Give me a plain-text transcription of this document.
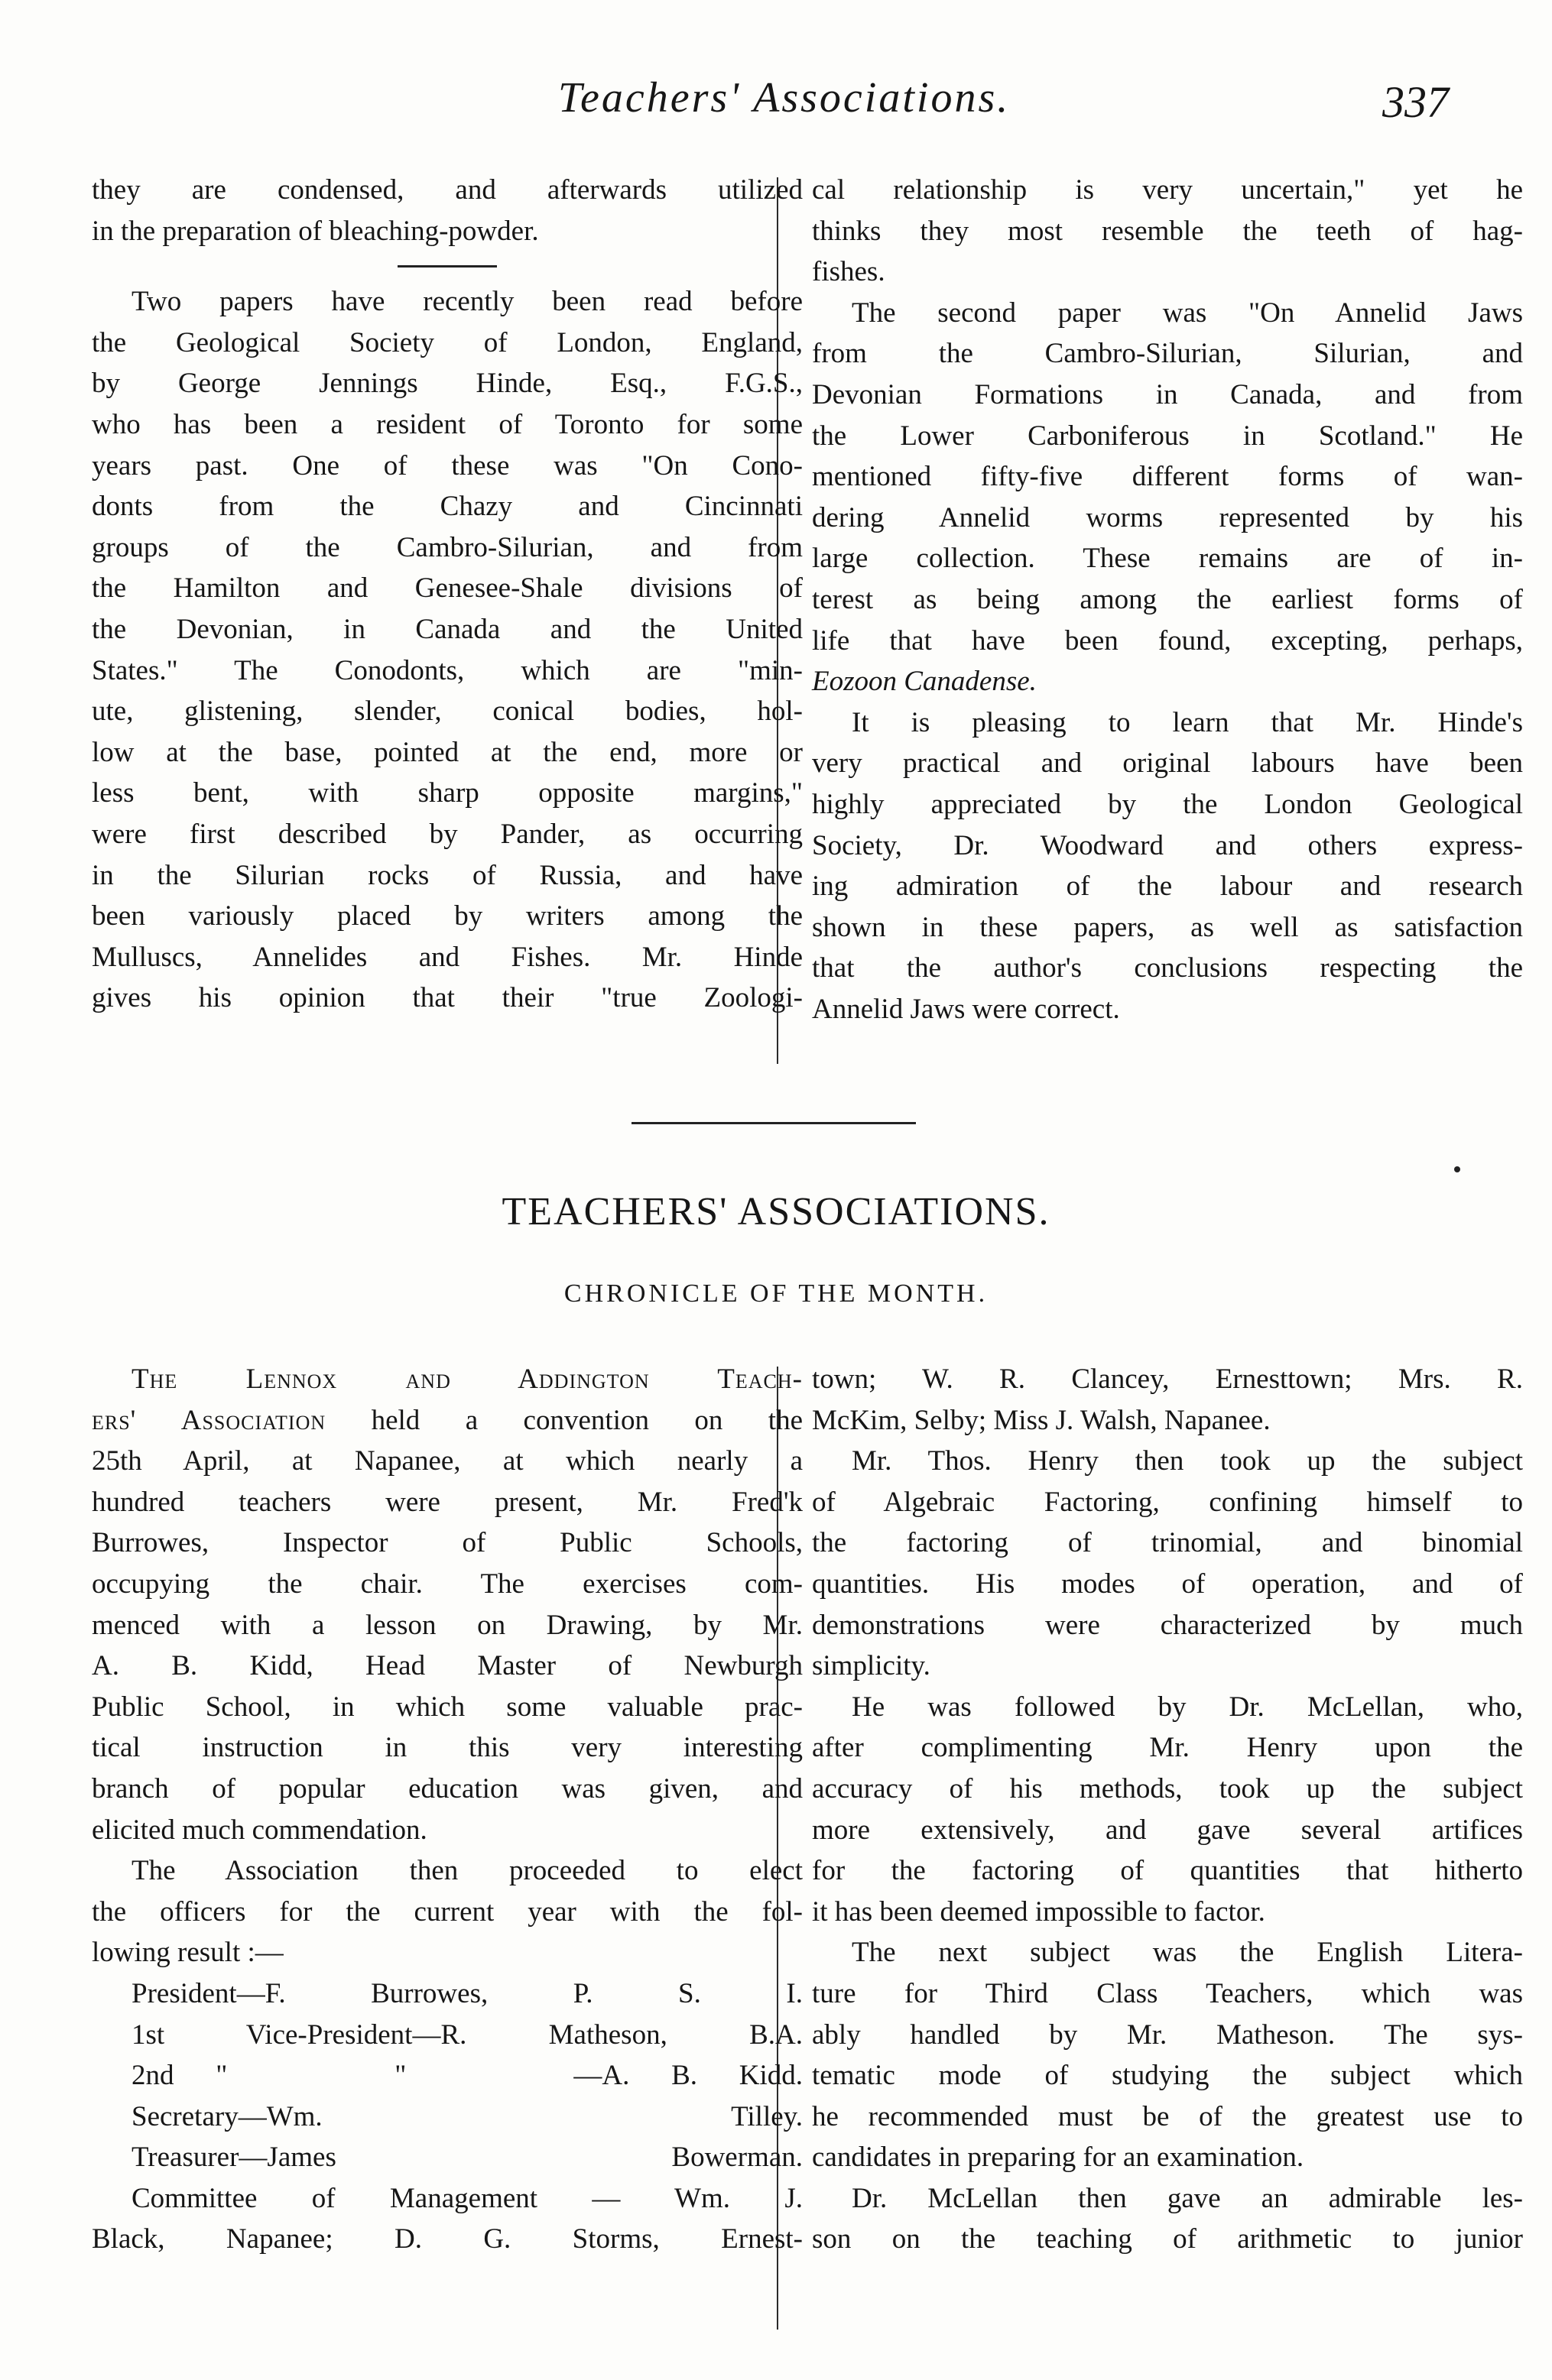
Teachers' Associations.	337

they are condensed, and afterwards utilized
in the preparation of bleaching-powder.

Two papers have recently been read before
the Geological Society of London, England,
by George Jennings Hinde, Esq., F.G.S.,
who has been a resident of Toronto for some
years past. One of these was "On Cono-
donts from the Chazy and Cincinnati
groups of the Cambro-Silurian, and from
the Hamilton and Genesee-Shale divisions of
the Devonian, in Canada and the United
States." The Conodonts, which are "min-
ute, glistening, slender, conical bodies, hol-
low at the base, pointed at the end, more or
less bent, with sharp opposite margins,"
were first described by Pander, as occurring
in the Silurian rocks of Russia, and have
been variously placed by writers among the
Mulluscs, Annelides and Fishes. Mr. Hinde
gives his opinion that their "true Zoologi-

cal relationship is very uncertain," yet he
thinks they most resemble the teeth of hag-
fishes.

The second paper was "On Annelid Jaws
from the Cambro-Silurian, Silurian, and
Devonian Formations in Canada, and from
the Lower Carboniferous in Scotland." He
mentioned fifty-five different forms of wan-
dering Annelid worms represented by his
large collection. These remains are of in-
terest as being among the earliest forms of
life that have been found, excepting, perhaps,
Eozoon Canadense.

It is pleasing to learn that Mr. Hinde's
very practical and original labours have been
highly appreciated by the London Geological
Society, Dr. Woodward and others express-
ing admiration of the labour and research
shown in these papers, as well as satisfaction
that the author's conclusions respecting the
Annelid Jaws were correct.

TEACHERS' ASSOCIATIONS.
CHRONICLE OF THE MONTH.

The Lennox and Addington Teach-
ers' Association held a convention on the
25th April, at Napanee, at which nearly a
hundred teachers were present, Mr. Fred'k
Burrowes, Inspector of Public Schools,
occupying the chair. The exercises com-
menced with a lesson on Drawing, by Mr.
A. B. Kidd, Head Master of Newburgh
Public School, in which some valuable prac-
tical instruction in this very interesting
branch of popular education was given, and
elicited much commendation.

The Association then proceeded to elect
the officers for the current year with the fol-
lowing result :—

President—F. Burrowes, P. S. I.
1st Vice-President—R. Matheson, B.A.
2nd "    "    —A. B. Kidd.
Secretary—Wm. Tilley.
Treasurer—James Bowerman.
Committee of Management — Wm. J.
Black, Napanee; D. G. Storms, Ernest-

town; W. R. Clancey, Ernesttown; Mrs. R.
McKim, Selby; Miss J. Walsh, Napanee.

Mr. Thos. Henry then took up the subject
of Algebraic Factoring, confining himself to
the factoring of trinomial, and binomial
quantities. His modes of operation, and of
demonstrations were characterized by much
simplicity.

He was followed by Dr. McLellan, who,
after complimenting Mr. Henry upon the
accuracy of his methods, took up the subject
more extensively, and gave several artifices
for the factoring of quantities that hitherto
it has been deemed impossible to factor.

The next subject was the English Litera-
ture for Third Class Teachers, which was
ably handled by Mr. Matheson. The sys-
tematic mode of studying the subject which
he recommended must be of the greatest use to
candidates in preparing for an examination.

Dr. McLellan then gave an admirable les-
son on the teaching of arithmetic to junior
